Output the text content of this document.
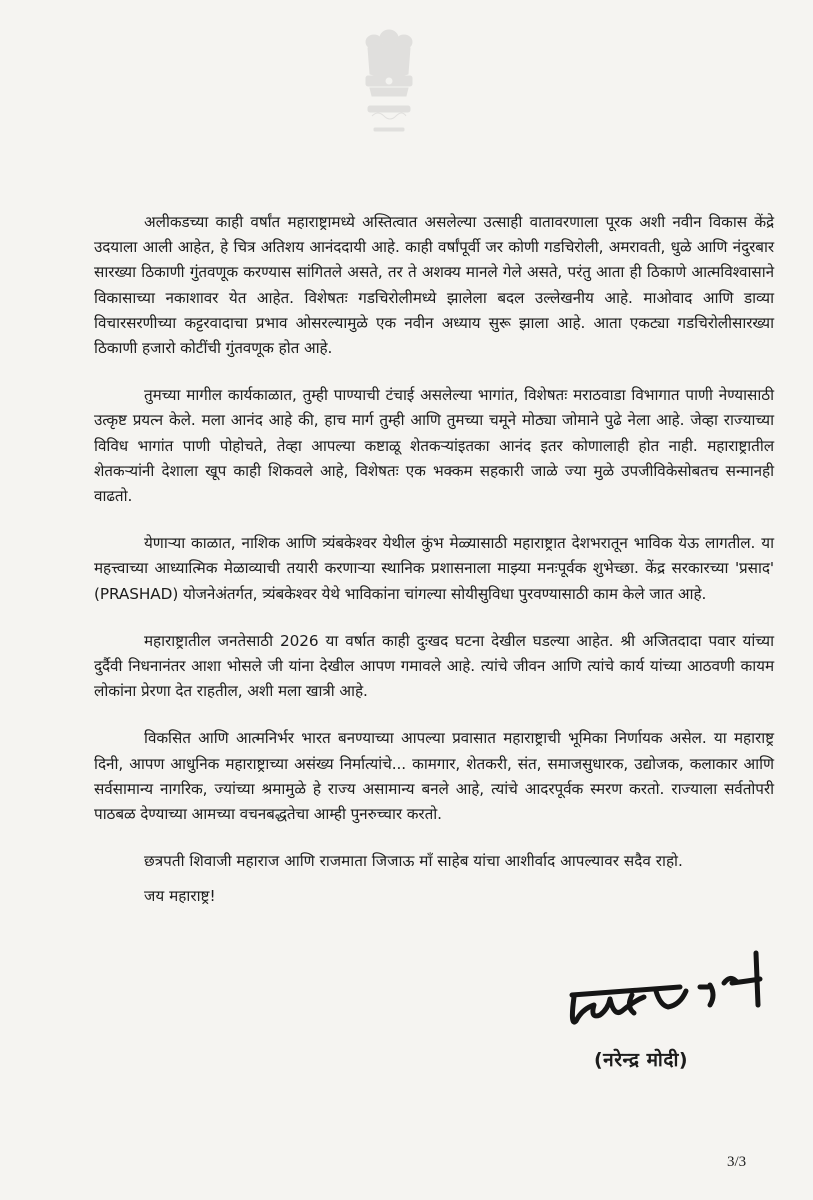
अलीकडच्या काही वर्षांत महाराष्ट्रामध्ये अस्तित्वात असलेल्या उत्साही वातावरणाला पूरक अशी नवीन विकास केंद्रे उदयाला आली आहेत, हे चित्र अतिशय आनंददायी आहे. काही वर्षांपूर्वी जर कोणी गडचिरोली, अमरावती, धुळे आणि नंदुरबार सारख्या ठिकाणी गुंतवणूक करण्यास सांगितले असते, तर ते अशक्य मानले गेले असते, परंतु आता ही ठिकाणे आत्मविश्वासाने विकासाच्या नकाशावर येत आहेत. विशेषतः गडचिरोलीमध्ये झालेला बदल उल्लेखनीय आहे. माओवाद आणि डाव्या विचारसरणीच्या कट्टरवादाचा प्रभाव ओसरल्यामुळे एक नवीन अध्याय सुरू झाला आहे. आता एकट्या गडचिरोलीसारख्या ठिकाणी हजारो कोटींची गुंतवणूक होत आहे.

तुमच्या मागील कार्यकाळात, तुम्ही पाण्याची टंचाई असलेल्या भागांत, विशेषतः मराठवाडा विभागात पाणी नेण्यासाठी उत्कृष्ट प्रयत्न केले. मला आनंद आहे की, हाच मार्ग तुम्ही आणि तुमच्या चमूने मोठ्या जोमाने पुढे नेला आहे. जेव्हा राज्याच्या विविध भागांत पाणी पोहोचते, तेव्हा आपल्या कष्टाळू शेतकऱ्यांइतका आनंद इतर कोणालाही होत नाही. महाराष्ट्रातील शेतकऱ्यांनी देशाला खूप काही शिकवले आहे, विशेषतः एक भक्कम सहकारी जाळे ज्या मुळे उपजीविकेसोबतच सन्मानही वाढतो.

येणाऱ्या काळात, नाशिक आणि त्र्यंबकेश्वर येथील कुंभ मेळ्यासाठी महाराष्ट्रात देशभरातून भाविक येऊ लागतील. या महत्त्वाच्या आध्यात्मिक मेळाव्याची तयारी करणाऱ्या स्थानिक प्रशासनाला माझ्या मनःपूर्वक शुभेच्छा. केंद्र सरकारच्या 'प्रसाद' (PRASHAD) योजनेअंतर्गत, त्र्यंबकेश्वर येथे भाविकांना चांगल्या सोयीसुविधा पुरवण्यासाठी काम केले जात आहे.

महाराष्ट्रातील जनतेसाठी 2026 या वर्षात काही दुःखद घटना देखील घडल्या आहेत. श्री अजितदादा पवार यांच्या दुर्दैवी निधनानंतर आशा भोसले जी यांना देखील आपण गमावले आहे. त्यांचे जीवन आणि त्यांचे कार्य यांच्या आठवणी कायम लोकांना प्रेरणा देत राहतील, अशी मला खात्री आहे.

विकसित आणि आत्मनिर्भर भारत बनण्याच्या आपल्या प्रवासात महाराष्ट्राची भूमिका निर्णायक असेल. या महाराष्ट्र दिनी, आपण आधुनिक महाराष्ट्राच्या असंख्य निर्मात्यांचे... कामगार, शेतकरी, संत, समाजसुधारक, उद्योजक, कलाकार आणि सर्वसामान्य नागरिक, ज्यांच्या श्रमामुळे हे राज्य असामान्य बनले आहे, त्यांचे आदरपूर्वक स्मरण करतो. राज्याला सर्वतोपरी पाठबळ देण्याच्या आमच्या वचनबद्धतेचा आम्ही पुनरुच्चार करतो.

छत्रपती शिवाजी महाराज आणि राजमाता जिजाऊ माँ साहेब यांचा आशीर्वाद आपल्यावर सदैव राहो.

जय महाराष्ट्र!

(नरेन्द्र मोदी)
3/3
